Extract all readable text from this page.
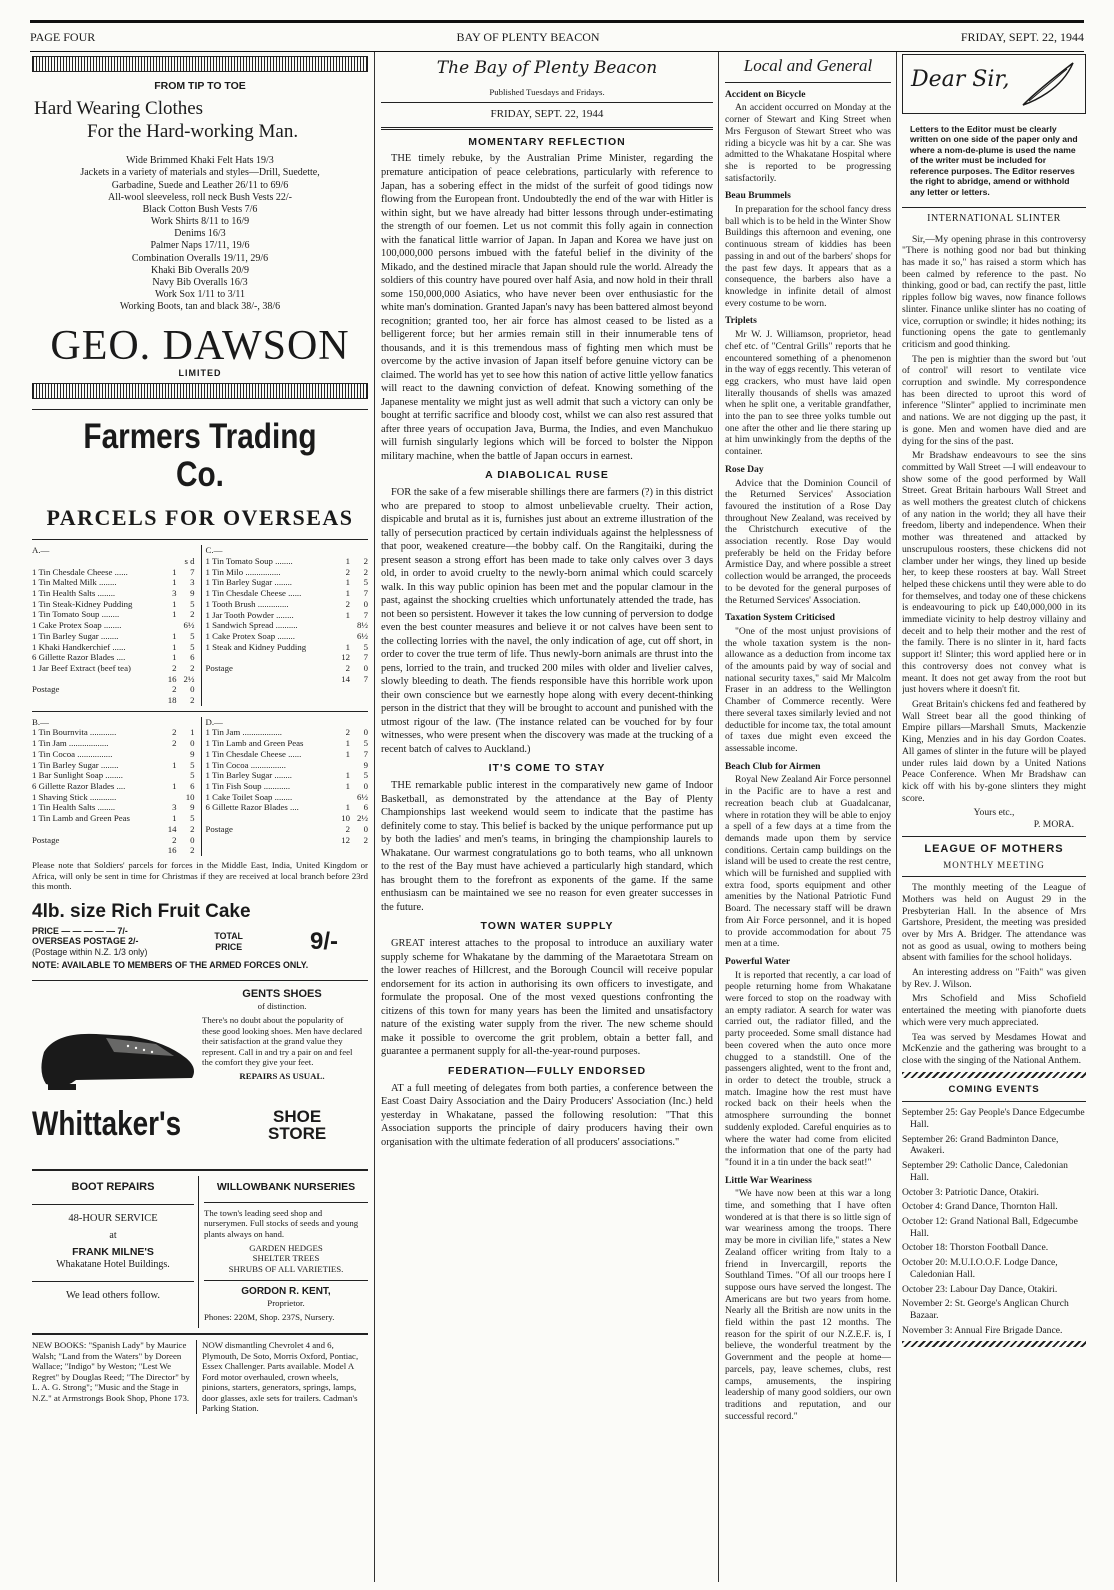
PAGE FOUR	BAY OF PLENTY BEACON	FRIDAY, SEPT. 22, 1944
FROM TIP TO TOE
Hard Wearing Clothes
For the Hard-working Man.
Wide Brimmed Khaki Felt Hats 19/3
Jackets in a variety of materials and styles—Drill, Suedette,
Garbadine, Suede and Leather 26/11 to 69/6
All-wool sleeveless, roll neck Bush Vests 22/-
Black Cotton Bush Vests 7/6
Work Shirts 8/11 to 16/9
Denims 16/3
Palmer Naps 17/11, 19/6
Combination Overalls 19/11, 29/6
Khaki Bib Overalls 20/9
Navy Bib Overalls 16/3
Work Sox 1/11 to 3/11
Working Boots, tan and black 38/-, 38/6
GEO. DAWSON
LIMITED
Farmers Trading Co.
PARCELS FOR OVERSEAS
A.—
s d
1 Tin Chesdale Cheese ......	1	7
1 Tin Malted Milk ........	1	3
1 Tin Health Salts ........	3	9
1 Tin Steak-Kidney Pudding	1	5
1 Tin Tomato Soup ........	1	2
1 Cake Protex Soap ........		6½
1 Tin Barley Sugar ........	1	5
1 Khaki Handkerchief ......	1	5
6 Gillette Razor Blades ....	1	6
1 Jar Beef Extract (beef tea)	2	2
	16	2½
Postage	2	0
	18	2
C.—
1 Tin Tomato Soup ........	1	2
1 Tin Milo ................	2	2
1 Tin Barley Sugar ........	1	5
1 Tin Chesdale Cheese ......	1	7
1 Tooth Brush ..............	2	0
1 Jar Tooth Powder ........	1	7
1 Sandwich Spread ..........		8½
1 Cake Protex Soap ........		6½
1 Steak and Kidney Pudding	1	5
	12	7
Postage	2	0
	14	7
B.—
1 Tin Bournvita ............	2	1
1 Tin Jam ..................	2	0
1 Tin Cocoa ................		9
1 Tin Barley Sugar ........	1	5
1 Bar Sunlight Soap ........		5
6 Gillette Razor Blades ....	1	6
1 Shaving Stick ............		10
1 Tin Health Salts ........	3	9
1 Tin Lamb and Green Peas	1	5
	14	2
Postage	2	0
	16	2
D.—
1 Tin Jam ..................	2	0
1 Tin Lamb and Green Peas	1	5
1 Tin Chesdale Cheese ......	1	7
1 Tin Cocoa ................		9
1 Tin Barley Sugar ........	1	5
1 Tin Fish Soup ............	1	0
1 Cake Toilet Soap ........		6½
6 Gillette Razor Blades ....	1	6
	10	2½
Postage	2	0
	12	2

Please note that Soldiers' parcels for forces in the Middle East, India, United Kingdom or Africa, will only be sent in time for Christmas if they are received at local branch before 23rd this month.

4lb. size Rich Fruit Cake
PRICE — — — — — 7/-
OVERSEAS POSTAGE 2/-
(Postage within N.Z. 1/3 only)
TOTAL PRICE	9/-
NOTE: AVAILABLE TO MEMBERS OF THE ARMED FORCES ONLY.
GENTS SHOES
of distinction.

There's no doubt about the popularity of these good looking shoes. Men have declared their satisfaction at the grand value they represent. Call in and try a pair on and feel the comfort they give your feet.

REPAIRS AS USUAL.
Whittaker's	SHOE
STORE
BOOT REPAIRS
48-HOUR SERVICE
at
FRANK MILNE'S
Whakatane Hotel Buildings.
We lead others follow.
WILLOWBANK NURSERIES

The town's leading seed shop and nurserymen. Full stocks of seeds and young plants always on hand.

GARDEN HEDGES
SHELTER TREES
SHRUBS OF ALL VARIETIES.
GORDON R. KENT,
Proprietor.
Phones: 220M, Shop. 237S, Nursery.

NEW BOOKS: "Spanish Lady" by Maurice Walsh; "Land from the Waters" by Doreen Wallace; "Indigo" by Weston; "Lest We Regret" by Douglas Reed; "The Director" by L. A. G. Strong"; "Music and the Stage in N.Z." at Armstrongs Book Shop, Phone 173.

NOW dismantling Chevrolet 4 and 6, Plymouth, De Soto, Morris Oxford, Pontiac, Essex Challenger. Parts available. Model A Ford motor overhauled, crown wheels, pinions, starters, generators, springs, lamps, door glasses, axle sets for trailers. Cadman's Parking Station.

The Bay of Plenty Beacon
Published Tuesdays and Fridays.
FRIDAY, SEPT. 22, 1944
MOMENTARY REFLECTION

THE timely rebuke, by the Australian Prime Minister, regarding the premature anticipation of peace celebrations, particularly with reference to Japan, has a sobering effect in the midst of the surfeit of good tidings now flowing from the European front. Undoubtedly the end of the war with Hitler is within sight, but we have already had bitter lessons through under-estimating the strength of our foemen. Let us not commit this folly again in connection with the fanatical little warrior of Japan. In Japan and Korea we have just on 100,000,000 persons imbued with the fateful belief in the divinity of the Mikado, and the destined miracle that Japan should rule the world. Already the soldiers of this country have poured over half Asia, and now hold in their thrall some 150,000,000 Asiatics, who have never been over enthusiastic for the white man's domination. Granted Japan's navy has been battered almost beyond recognition; granted too, her air force has almost ceased to be listed as a belligerent force; but her armies remain still in their innumerable tens of thousands, and it is this tremendous mass of fighting men which must be overcome by the active invasion of Japan itself before genuine victory can be claimed. The world has yet to see how this nation of active little yellow fanatics will react to the dawning conviction of defeat. Knowing something of the Japanese mentality we might just as well admit that such a victory can only be bought at terrific sacrifice and bloody cost, whilst we can also rest assured that after three years of occupation Java, Burma, the Indies, and even Manchukuo will furnish singularly legions which will be forced to bolster the Nippon military machine, when the battle of Japan occurs in earnest.

A DIABOLICAL RUSE

FOR the sake of a few miserable shillings there are farmers (?) in this district who are prepared to stoop to almost unbelievable cruelty. Their action, dispicable and brutal as it is, furnishes just about an extreme illustration of the tally of persecution practiced by certain individuals against the helplessness of that poor, weakened creature—the bobby calf. On the Rangitaiki, during the present season a strong effort has been made to take only calves over 3 days old, in order to avoid cruelty to the newly-born animal which could scarcely walk. In this way public opinion has been met and the popular clamour in the past, against the shocking cruelties which unfortunately attended the trade, has not been so persistent. However it takes the low cunning of perversion to dodge even the best counter measures and believe it or not calves have been sent to the collecting lorries with the navel, the only indication of age, cut off short, in order to cover the true term of life. Thus newly-born animals are thrust into the pens, lorried to the train, and trucked 200 miles with older and livelier calves, slowly bleeding to death. The fiends responsible have this horrible work upon their own conscience but we earnestly hope along with every decent-thinking person in the district that they will be brought to account and punished with the utmost rigour of the law. (The instance related can be vouched for by four witnesses, who were present when the discovery was made at the trucking of a recent batch of calves to Auckland.)

IT'S COME TO STAY

THE remarkable public interest in the comparatively new game of Indoor Basketball, as demonstrated by the attendance at the Bay of Plenty Championships last weekend would seem to indicate that the pastime has definitely come to stay. This belief is backed by the unique performance put up by both the ladies' and men's teams, in bringing the championship laurels to Whakatane. Our warmest congratulations go to both teams, who all unknown to the rest of the Bay must have achieved a particularly high standard, which has brought them to the forefront as exponents of the game. If the same enthusiasm can be maintained we see no reason for even greater successes in the future.

TOWN WATER SUPPLY

GREAT interest attaches to the proposal to introduce an auxiliary water supply scheme for Whakatane by the damming of the Maraetotara Stream on the lower reaches of Hillcrest, and the Borough Council will receive popular endorsement for its action in authorising its own officers to investigate, and formulate the proposal. One of the most vexed questions confronting the citizens of this town for many years has been the limited and unsatisfactory nature of the existing water supply from the river. The new scheme should make it possible to overcome the grit problem, obtain a better fall, and guarantee a permanent supply for all-the-year-round purposes.

FEDERATION—FULLY ENDORSED

AT a full meeting of delegates from both parties, a conference between the East Coast Dairy Association and the Dairy Producers' Association (Inc.) held yesterday in Whakatane, passed the following resolution: "That this Association supports the principle of dairy producers having their own organisation with the ultimate federation of all producers' associations."

Local and General
Accident on Bicycle

An accident occurred on Monday at the corner of Stewart and King Street when Mrs Ferguson of Stewart Street who was riding a bicycle was hit by a car. She was admitted to the Whakatane Hospital where she is reported to be progressing satisfactorily.

Beau Brummels

In preparation for the school fancy dress ball which is to be held in the Winter Show Buildings this afternoon and evening, one continuous stream of kiddies has been passing in and out of the barbers' shops for the past few days. It appears that as a consequence, the barbers also have a knowledge in infinite detail of almost every costume to be worn.

Triplets

Mr W. J. Williamson, proprietor, head chef etc. of "Central Grills" reports that he encountered something of a phenomenon in the way of eggs recently. This veteran of egg crackers, who must have laid open literally thousands of shells was amazed when he split one, a veritable grandfather, into the pan to see three yolks tumble out one after the other and lie there staring up at him unwinkingly from the depths of the container.

Rose Day

Advice that the Dominion Council of the Returned Services' Association favoured the institution of a Rose Day throughout New Zealand, was received by the Christchurch executive of the association recently. Rose Day would preferably be held on the Friday before Armistice Day, and where possible a street collection would be arranged, the proceeds to be devoted for the general purposes of the Returned Services' Association.

Taxation System Criticised

"One of the most unjust provisions of the whole taxation system is the non-allowance as a deduction from income tax of the amounts paid by way of social and national security taxes," said Mr Malcolm Fraser in an address to the Wellington Chamber of Commerce recently. Were there several taxes similarly levied and not deductible for income tax, the total amount of taxes due might even exceed the assessable income.

Beach Club for Airmen

Royal New Zealand Air Force personnel in the Pacific are to have a rest and recreation beach club at Guadalcanar, where in rotation they will be able to enjoy a spell of a few days at a time from the demands made upon them by service conditions. Certain camp buildings on the island will be used to create the rest centre, which will be furnished and supplied with extra food, sports equipment and other amenities by the National Patriotic Fund Board. The necessary staff will be drawn from Air Force personnel, and it is hoped to provide accommodation for about 75 men at a time.

Powerful Water

It is reported that recently, a car load of people returning home from Whakatane were forced to stop on the roadway with an empty radiator. A search for water was carried out, the radiator filled, and the party proceeded. Some small distance had been covered when the auto once more chugged to a standstill. One of the passengers alighted, went to the front and, in order to detect the trouble, struck a match. Imagine how the rest must have rocked back on their heels when the atmosphere surrounding the bonnet suddenly exploded. Careful enquiries as to where the water had come from elicited the information that one of the party had "found it in a tin under the back seat!"

Little War Weariness

"We have now been at this war a long time, and something that I have often wondered at is that there is so little sign of war weariness among the troops. There may be more in civilian life," states a New Zealand officer writing from Italy to a friend in Invercargill, reports the Southland Times. "Of all our troops here I suppose ours have served the longest. The Americans are but two years from home. Nearly all the British are now units in the field within the past 12 months. The reason for the spirit of our N.Z.E.F. is, I believe, the wonderful treatment by the Government and the people at home—parcels, pay, leave schemes, clubs, rest camps, amusements, the inspiring leadership of many good soldiers, our own traditions and reputation, and our successful record."

Dear Sir,

Letters to the Editor must be clearly written on one side of the paper only and where a nom-de-plume is used the name of the writer must be included for reference purposes. The Editor reserves the right to abridge, amend or withhold any letter or letters.

INTERNATIONAL SLINTER

Sir,—My opening phrase in this controversy "There is nothing good nor bad but thinking has made it so," has raised a storm which has been calmed by reference to the past. No thinking, good or bad, can rectify the past, little ripples follow big waves, now finance follows slinter. Finance unlike slinter has no coating of vice, corruption or swindle; it hides nothing; its functioning opens the gate to gentlemanly criticism and good thinking.

The pen is mightier than the sword but 'out of control' will resort to ventilate vice corruption and swindle. My correspondence has been directed to uproot this word of inference "Slinter" applied to incriminate men and nations. We are not digging up the past, it is gone. Men and women have died and are dying for the sins of the past.

Mr Bradshaw endeavours to see the sins committed by Wall Street —I will endeavour to show some of the good performed by Wall Street. Great Britain harbours Wall Street and as well mothers the greatest clutch of chickens of any nation in the world; they all have their freedom, liberty and independence. When their mother was threatened and attacked by unscrupulous roosters, these chickens did not clamber under her wings, they lined up beside her, to keep these roosters at bay. Wall Street helped these chickens until they were able to do for themselves, and today one of these chickens is endeavouring to pick up £40,000,000 in its immediate vicinity to help destroy villainy and deceit and to help their mother and the rest of the family. There is no slinter in it, hard facts support it! Slinter; this word applied here or in this controversy does not convey what is meant. It does not get away from the root but just hovers where it doesn't fit.

Great Britain's chickens fed and feathered by Wall Street bear all the good thinking of Empire pillars—Marshall Smuts, Mackenzie King, Menzies and in his day Gordon Coates. All games of slinter in the future will be played under rules laid down by a United Nations Peace Conference. When Mr Bradshaw can kick off with his by-gone slinters they might score.

Yours etc.,
P. MORA.
LEAGUE OF MOTHERS
MONTHLY MEETING

The monthly meeting of the League of Mothers was held on August 29 in the Presbyterian Hall. In the absence of Mrs Gartshore, President, the meeting was presided over by Mrs A. Bridger. The attendance was not as good as usual, owing to mothers being absent with families for the school holidays.

An interesting address on "Faith" was given by Rev. J. Wilson.

Mrs Schofield and Miss Schofield entertained the meeting with pianoforte duets which were very much appreciated.

Tea was served by Mesdames Howat and McKenzie and the gathering was brought to a close with the singing of the National Anthem.

COMING EVENTS

September 25: Gay People's Dance Edgecumbe Hall.

September 26: Grand Badminton Dance, Awakeri.

September 29: Catholic Dance, Caledonian Hall.

October 3: Patriotic Dance, Otakiri.

October 4: Grand Dance, Thornton Hall.

October 12: Grand National Ball, Edgecumbe Hall.

October 18: Thorston Football Dance.

October 20: M.U.I.O.O.F. Lodge Dance, Caledonian Hall.

October 23: Labour Day Dance, Otakiri.

November 2: St. George's Anglican Church Bazaar.

November 3: Annual Fire Brigade Dance.
